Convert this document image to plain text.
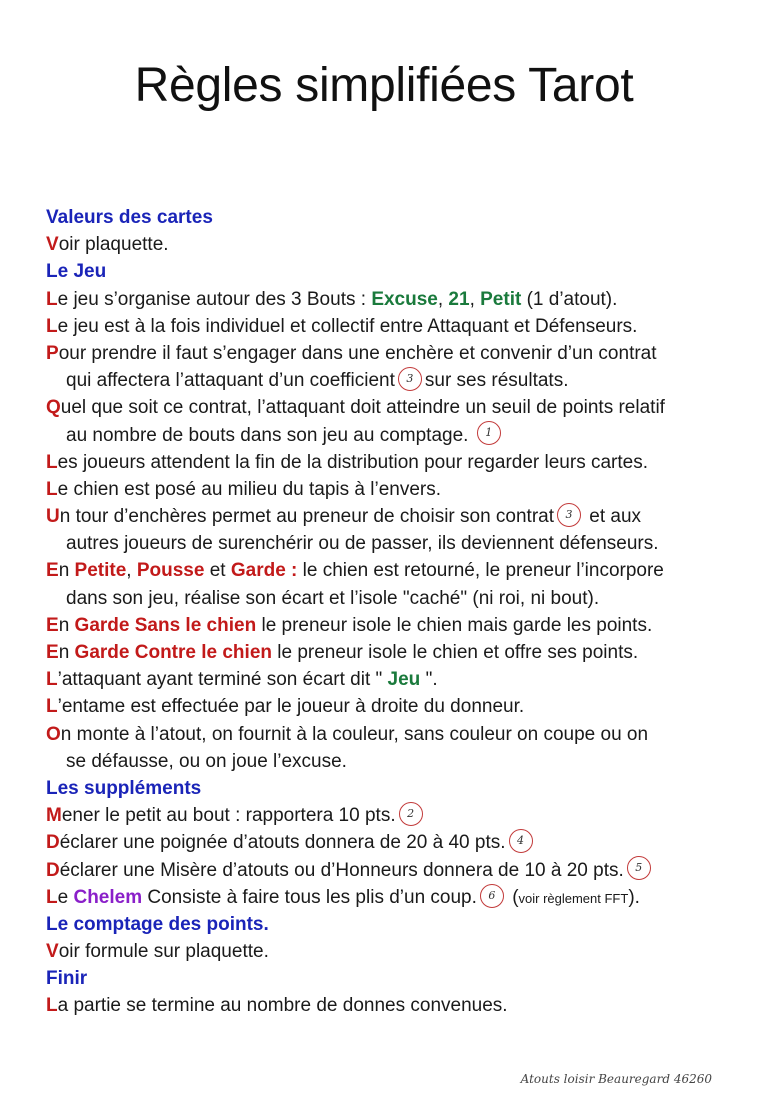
Règles simplifiées Tarot
Valeurs des cartes
Voir plaquette.
Le Jeu
Le jeu s’organise autour des 3 Bouts : Excuse, 21, Petit (1 d’atout).
Le jeu est à la fois individuel et collectif entre Attaquant et Défenseurs.
Pour prendre il faut s’engager dans une enchère et convenir d’un contrat
qui affectera l’attaquant d’un coefficient 3 sur ses résultats.
Quel que soit ce contrat, l’attaquant doit atteindre un seuil de points relatif
au nombre de bouts dans son jeu au comptage. 1
Les joueurs attendent la fin de la distribution pour regarder leurs cartes.
Le chien est posé au milieu du tapis à l’envers.
Un tour d’enchères permet au preneur de choisir son contrat 3 et aux
autres joueurs de surenchérir ou de passer, ils deviennent défenseurs.
En Petite, Pousse et Garde : le chien est retourné, le preneur l’incorpore
dans son jeu, réalise son écart et l’isole "caché" (ni roi, ni bout).
En Garde Sans le chien le preneur isole le chien mais garde les points.
En Garde Contre le chien le preneur isole le chien et offre ses points.
L’attaquant ayant terminé son écart dit " Jeu ".
L’entame est effectuée par le joueur à droite du donneur.
On monte à l’atout, on fournit à la couleur, sans couleur on coupe ou on
se défausse, ou on joue l’excuse.
Les suppléments
Mener le petit au bout : rapportera 10 pts. 2
Déclarer une poignée d’atouts donnera de 20 à 40 pts. 4
Déclarer une Misère d’atouts ou d’Honneurs donnera de 10 à 20 pts. 5
Le Chelem Consiste à faire tous les plis d’un coup. 6 (voir règlement FFT).
Le comptage des points.
Voir formule sur plaquette.
Finir
La partie se termine au nombre de donnes convenues.
Atouts loisir Beauregard 46260
